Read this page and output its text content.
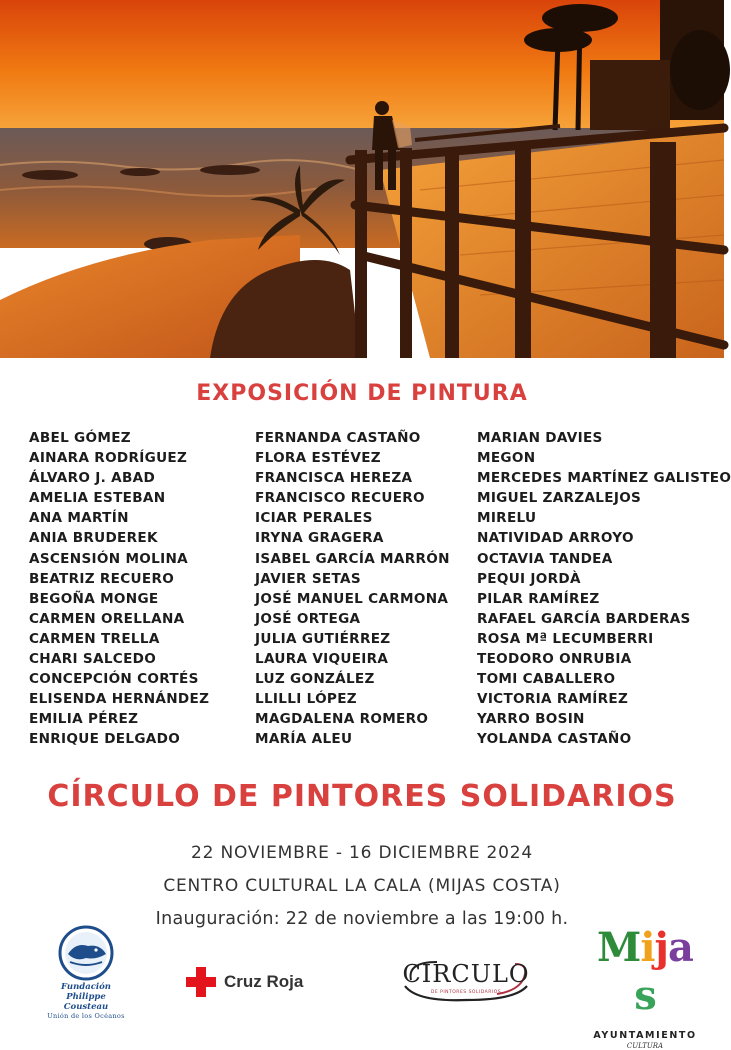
EXPOSICIÓN DE PINTURA
ABEL GÓMEZ
AINARA RODRÍGUEZ
ÁLVARO J. ABAD
AMELIA ESTEBAN
ANA MARTÍN
ANIA BRUDEREK
ASCENSIÓN MOLINA
BEATRIZ RECUERO
BEGOÑA MONGE
CARMEN ORELLANA
CARMEN TRELLA
CHARI SALCEDO
CONCEPCIÓN CORTÉS
ELISENDA HERNÁNDEZ
EMILIA PÉREZ
ENRIQUE DELGADO
FERNANDA CASTAÑO
FLORA ESTÉVEZ
FRANCISCA HEREZA
FRANCISCO RECUERO
ICIAR PERALES
IRYNA GRAGERA
ISABEL GARCÍA MARRÓN
JAVIER SETAS
JOSÉ MANUEL CARMONA
JOSÉ ORTEGA
JULIA GUTIÉRREZ
LAURA VIQUEIRA
LUZ GONZÁLEZ
LLILLI LÓPEZ
MAGDALENA ROMERO
MARÍA ALEU
MARIAN DAVIES
MEGON
MERCEDES MARTÍNEZ GALISTEO
MIGUEL ZARZALEJOS
MIRELU
NATIVIDAD ARROYO
OCTAVIA TANDEA
PEQUI JORDÀ
PILAR RAMÍREZ
RAFAEL GARCÍA BARDERAS
ROSA Mª LECUMBERRI
TEODORO ONRUBIA
TOMI CABALLERO
VICTORIA RAMÍREZ
YARRO BOSIN
YOLANDA CASTAÑO
CÍRCULO DE PINTORES SOLIDARIOS
22 NOVIEMBRE - 16 DICIEMBRE 2024
CENTRO CULTURAL LA CALA (MIJAS COSTA)
Inauguración: 22 de noviembre a las 19:00 h.
Fundación
Philippe Cousteau
Unión de los Océanos
Cruz Roja	CIRCULO
DE PINTORES SOLIDARIOS
Mijas
AYUNTAMIENTO
CULTURA
